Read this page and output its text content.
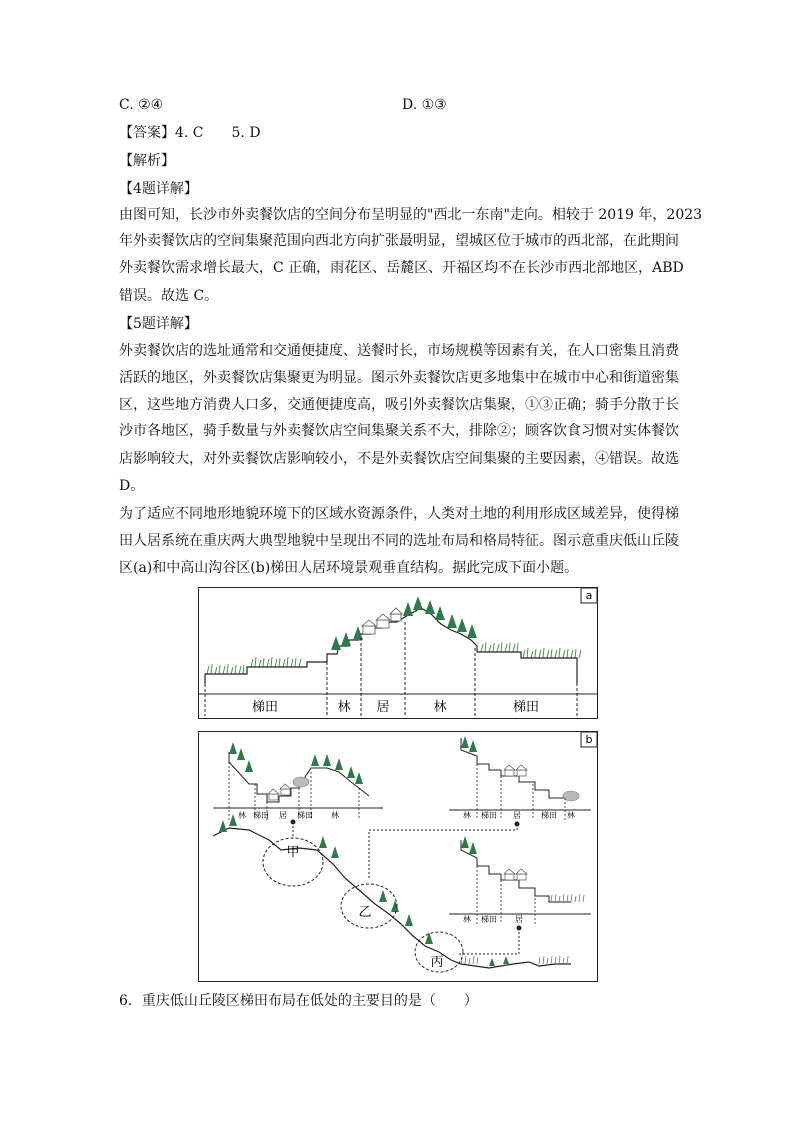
C. ②④	D. ①③
【答案】4. C　　5. D
【解析】
【4题详解】
由图可知，长沙市外卖餐饮店的空间分布呈明显的"西北一东南"走向。相较于 2019 年，2023
年外卖餐饮店的空间集聚范围向西北方向扩张最明显，望城区位于城市的西北部，在此期间
外卖餐饮需求增长最大，C 正确，雨花区、岳麓区、开福区均不在长沙市西北部地区，ABD
错误。故选 C。
【5题详解】
外卖餐饮店的选址通常和交通便捷度、送餐时长，市场规模等因素有关，在人口密集且消费
活跃的地区，外卖餐饮店集聚更为明显。图示外卖餐饮店更多地集中在城市中心和街道密集
区，这些地方消费人口多，交通便捷度高，吸引外卖餐饮店集聚，①③正确；骑手分散于长
沙市各地区，骑手数量与外卖餐饮店空间集聚关系不大，排除②；顾客饮食习惯对实体餐饮
店影响较大，对外卖餐饮店影响较小，不是外卖餐饮店空间集聚的主要因素，④错误。故选
D。
为了适应不同地形地貌环境下的区域水资源条件，人类对土地的利用形成区域差异，使得梯
田人居系统在重庆两大典型地貌中呈现出不同的选址布局和格局特征。图示意重庆低山丘陵
区(a)和中高山沟谷区(b)梯田人居环境景观垂直结构。据此完成下面小题。
a
梯田	林 居	林	梯田
b
林 梯田 居 梯田 林	林 梯田 居	梯田 林
林 梯田 居
甲
乙
丙
6．重庆低山丘陵区梯田布局在低处的主要目的是（　　）
